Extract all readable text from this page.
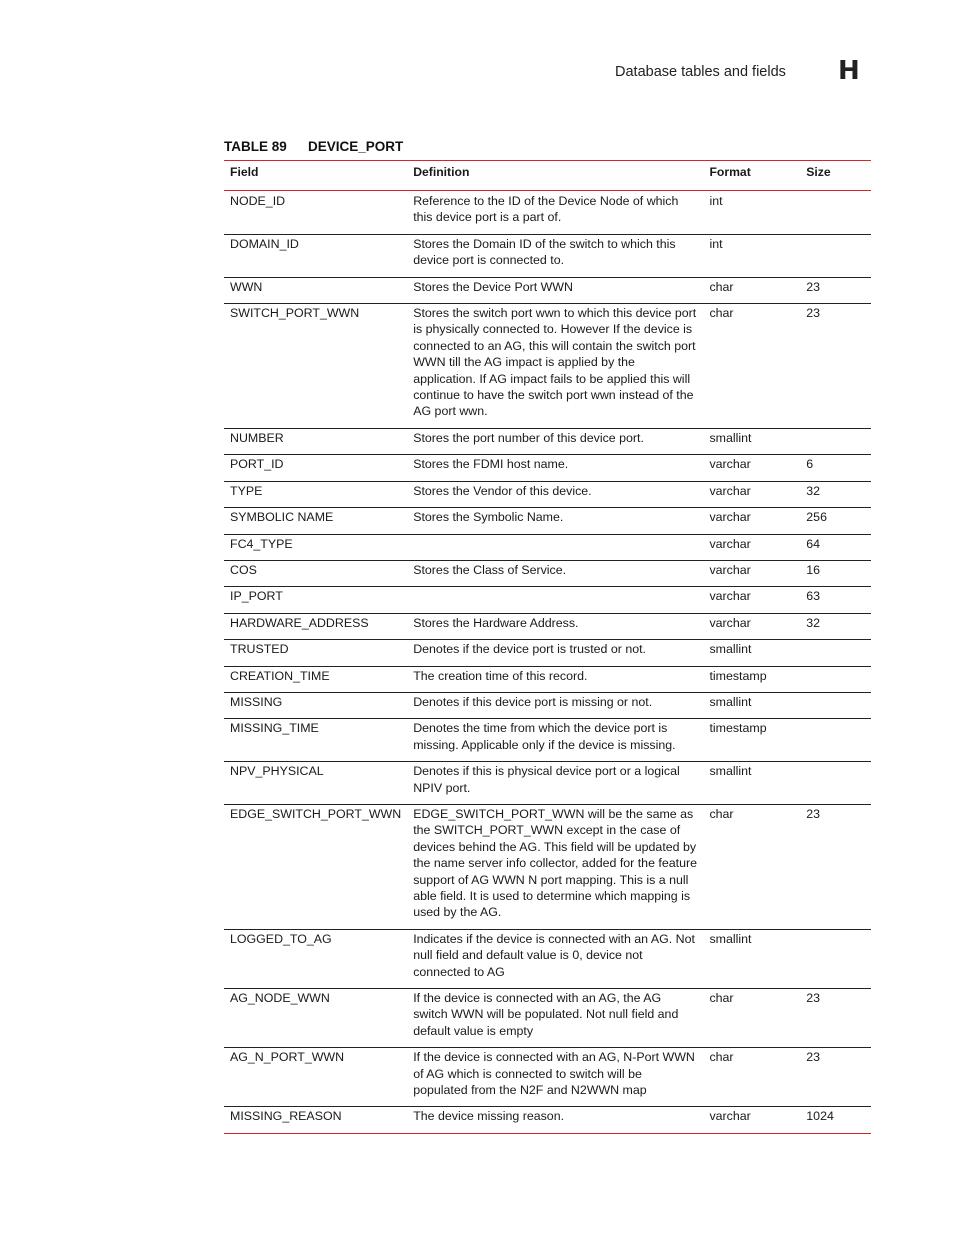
Database tables and fields H
TABLE 89 DEVICE_PORT
Field	Definition	Format	Size
NODE_ID	Reference to the ID of the Device Node of which this device port is a part of.	int	
DOMAIN_ID	Stores the Domain ID of the switch to which this device port is connected to.	int	
WWN	Stores the Device Port WWN	char	23
SWITCH_PORT_WWN	Stores the switch port wwn to which this device port is physically connected to. However If the device is connected to an AG, this will contain the switch port WWN till the AG impact is applied by the application. If AG impact fails to be applied this will continue to have the switch port wwn instead of the AG port wwn.	char	23
NUMBER	Stores the port number of this device port.	smallint	
PORT_ID	Stores the FDMI host name.	varchar	6
TYPE	Stores the Vendor of this device.	varchar	32
SYMBOLIC NAME	Stores the Symbolic Name.	varchar	256
FC4_TYPE		varchar	64
COS	Stores the Class of Service.	varchar	16
IP_PORT		varchar	63
HARDWARE_ADDRESS	Stores the Hardware Address.	varchar	32
TRUSTED	Denotes if the device port is trusted or not.	smallint	
CREATION_TIME	The creation time of this record.	timestamp	
MISSING	Denotes if this device port is missing or not.	smallint	
MISSING_TIME	Denotes the time from which the device port is missing. Applicable only if the device is missing.	timestamp	
NPV_PHYSICAL	Denotes if this is physical device port or a logical NPIV port.	smallint	
EDGE_SWITCH_PORT_WWN	EDGE_SWITCH_PORT_WWN will be the same as the SWITCH_PORT_WWN except in the case of devices behind the AG. This field will be updated by the name server info collector, added for the feature support of AG WWN N port mapping. This is a null able field. It is used to determine which mapping is used by the AG.	char	23
LOGGED_TO_AG	Indicates if the device is connected with an AG. Not null field and default value is 0, device not connected to AG	smallint	
AG_NODE_WWN	If the device is connected with an AG, the AG switch WWN will be populated. Not null field and default value is empty	char	23
AG_N_PORT_WWN	If the device is connected with an AG, N-Port WWN of AG which is connected to switch will be populated from the N2F and N2WWN map	char	23
MISSING_REASON	The device missing reason.	varchar	1024
